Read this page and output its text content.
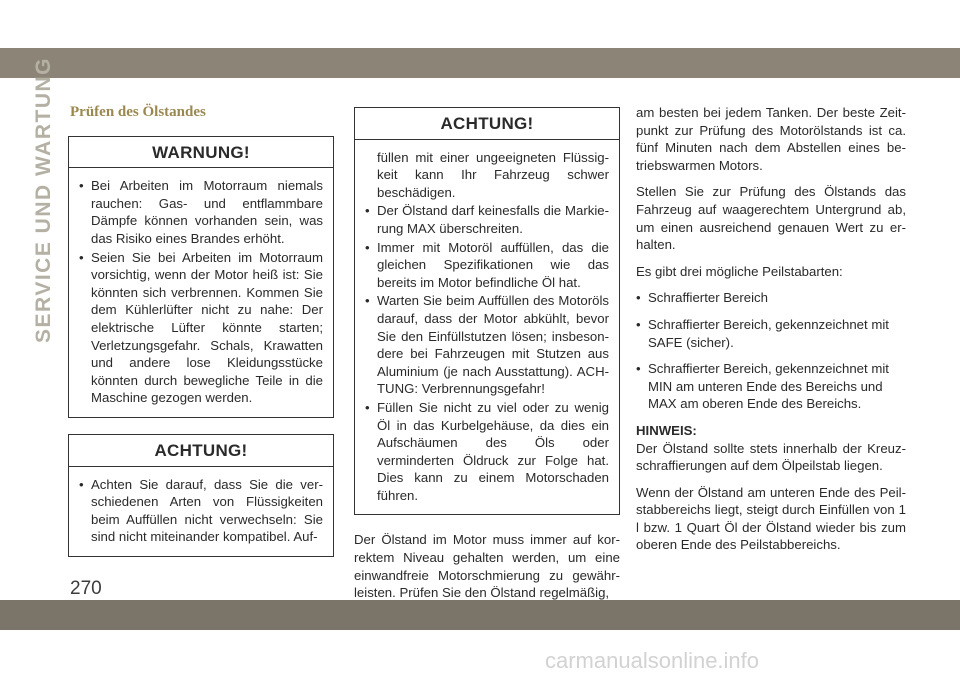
SERVICE UND WARTUNG Prüfen des Ölstandes
WARNUNG!
• Bei Arbeiten im Motorraum niemals rauchen: Gas- und entflammbare Dämpfe können vorhanden sein, was das Risiko eines Brandes erhöht.
• Seien Sie bei Arbeiten im Motorraum vorsichtig, wenn der Motor heiß ist: Sie könnten sich verbrennen. Kommen Sie dem Kühlerlüfter nicht zu nahe: Der elektrische Lüfter könnte starten; Verletzungsgefahr. Schals, Krawatten und andere lose Kleidungsstücke könnten durch bewegliche Teile in die Maschine gezogen werden.
ACHTUNG!
• Achten Sie darauf, dass Sie die verschiedenen Arten von Flüssigkeiten beim Auffüllen nicht verwechseln: Sie sind nicht miteinander kompatibel. Auf-
ACHTUNG!
füllen mit einer ungeeigneten Flüssigkeit kann Ihr Fahrzeug schwer beschädigen.
• Der Ölstand darf keinesfalls die Markierung MAX überschreiten.
• Immer mit Motoröl auffüllen, das die gleichen Spezifikationen wie das bereits im Motor befindliche Öl hat.
• Warten Sie beim Auffüllen des Motoröls darauf, dass der Motor abkühlt, bevor Sie den Einfüllstutzen lösen; insbesondere bei Fahrzeugen mit Stutzen aus Aluminium (je nach Ausstattung). ACHTUNG: Verbrennungsgefahr!
• Füllen Sie nicht zu viel oder zu wenig Öl in das Kurbelgehäuse, da dies ein Aufschäumen des Öls oder verminderten Öldruck zur Folge hat. Dies kann zu einem Motorschaden führen.

Der Ölstand im Motor muss immer auf korrektem Niveau gehalten werden, um eine einwandfreie Motorschmierung zu gewährleisten. Prüfen Sie den Ölstand regelmäßig,

am besten bei jedem Tanken. Der beste Zeitpunkt zur Prüfung des Motorölstands ist ca. fünf Minuten nach dem Abstellen eines betriebswarmen Motors.

Stellen Sie zur Prüfung des Ölstands das Fahrzeug auf waagerechtem Untergrund ab, um einen ausreichend genauen Wert zu erhalten.

Es gibt drei mögliche Peilstabarten:

• Schraffierter Bereich
• Schraffierter Bereich, gekennzeichnet mit SAFE (sicher).
• Schraffierter Bereich, gekennzeichnet mit MIN am unteren Ende des Bereichs und MAX am oberen Ende des Bereichs.

HINWEIS:

Der Ölstand sollte stets innerhalb der Kreuzschraffierungen auf dem Ölpeilstab liegen.

Wenn der Ölstand am unteren Ende des Peilstabbereichs liegt, steigt durch Einfüllen von 1 l bzw. 1 Quart Öl der Ölstand wieder bis zum oberen Ende des Peilstabbereichs.

270
carmanualsonline.info
